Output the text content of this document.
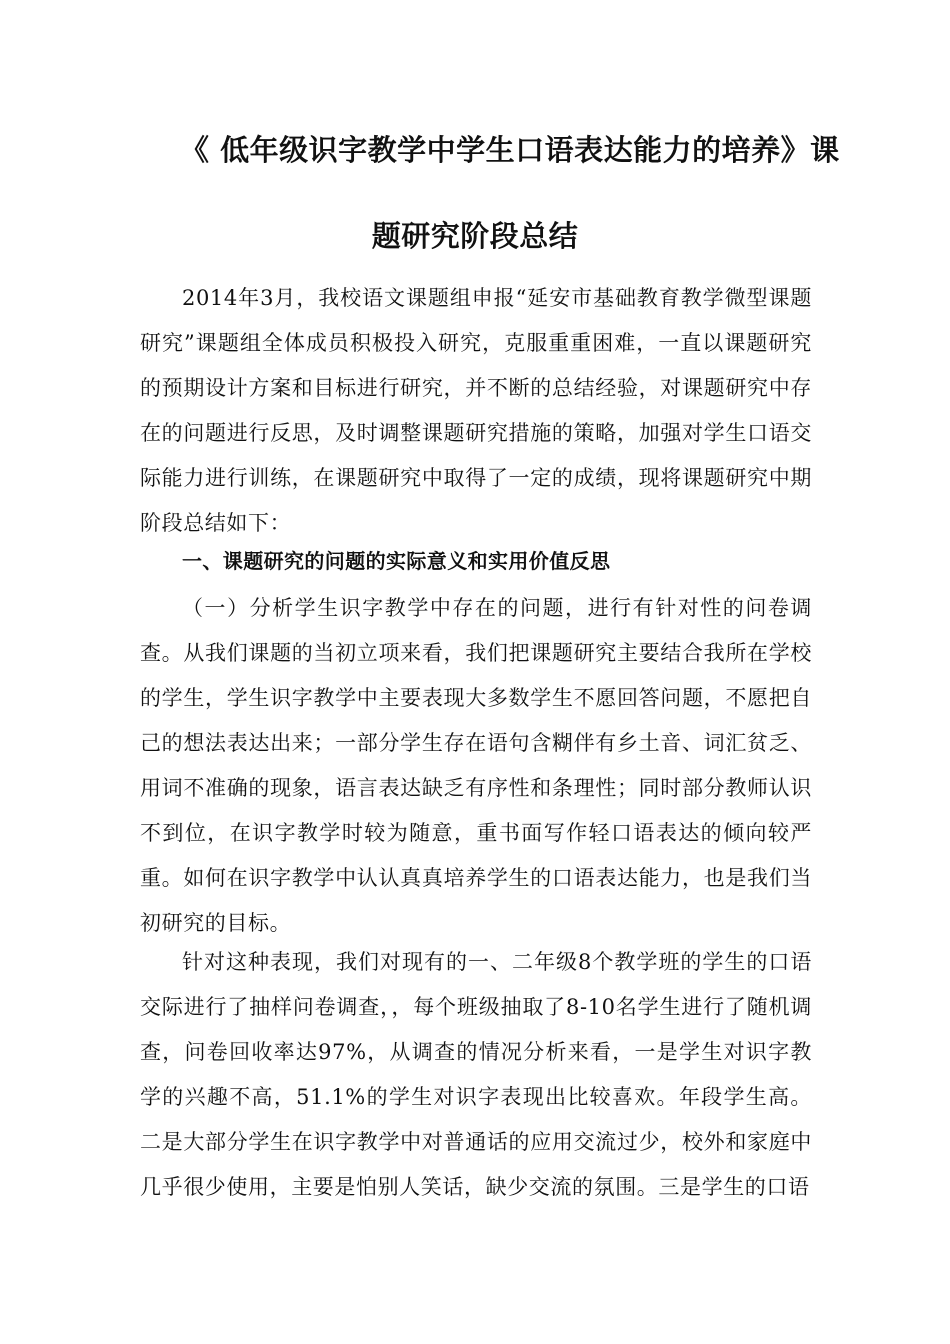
《 低年级识字教学中学生口语表达能力的培养》课
题研究阶段总结

2014年3月，我校语文课题组申报“延安市基础教育教学微型课题研究”课题组全体成员积极投入研究，克服重重困难，一直以课题研究的预期设计方案和目标进行研究，并不断的总结经验，对课题研究中存在的问题进行反思，及时调整课题研究措施的策略，加强对学生口语交际能力进行训练，在课题研究中取得了一定的成绩，现将课题研究中期阶段总结如下：

一、课题研究的问题的实际意义和实用价值反思

（一）分析学生识字教学中存在的问题，进行有针对性的问卷调查。从我们课题的当初立项来看，我们把课题研究主要结合我所在学校的学生，学生识字教学中主要表现大多数学生不愿回答问题，不愿把自己的想法表达出来；一部分学生存在语句含糊伴有乡土音、词汇贫乏、用词不准确的现象，语言表达缺乏有序性和条理性；同时部分教师认识不到位，在识字教学时较为随意，重书面写作轻口语表达的倾向较严重。如何在识字教学中认认真真培养学生的口语表达能力，也是我们当初研究的目标。

针对这种表现，我们对现有的一、二年级8个教学班的学生的口语交际进行了抽样问卷调查，，每个班级抽取了8-10名学生进行了随机调查，问卷回收率达97%，从调查的情况分析来看，一是学生对识字教学的兴趣不高，51.1%的学生对识字表现出比较喜欢。年段学生高。二是大部分学生在识字教学中对普通话的应用交流过少，校外和家庭中几乎很少使用，主要是怕别人笑话，缺少交流的氛围。三是学生的口语
